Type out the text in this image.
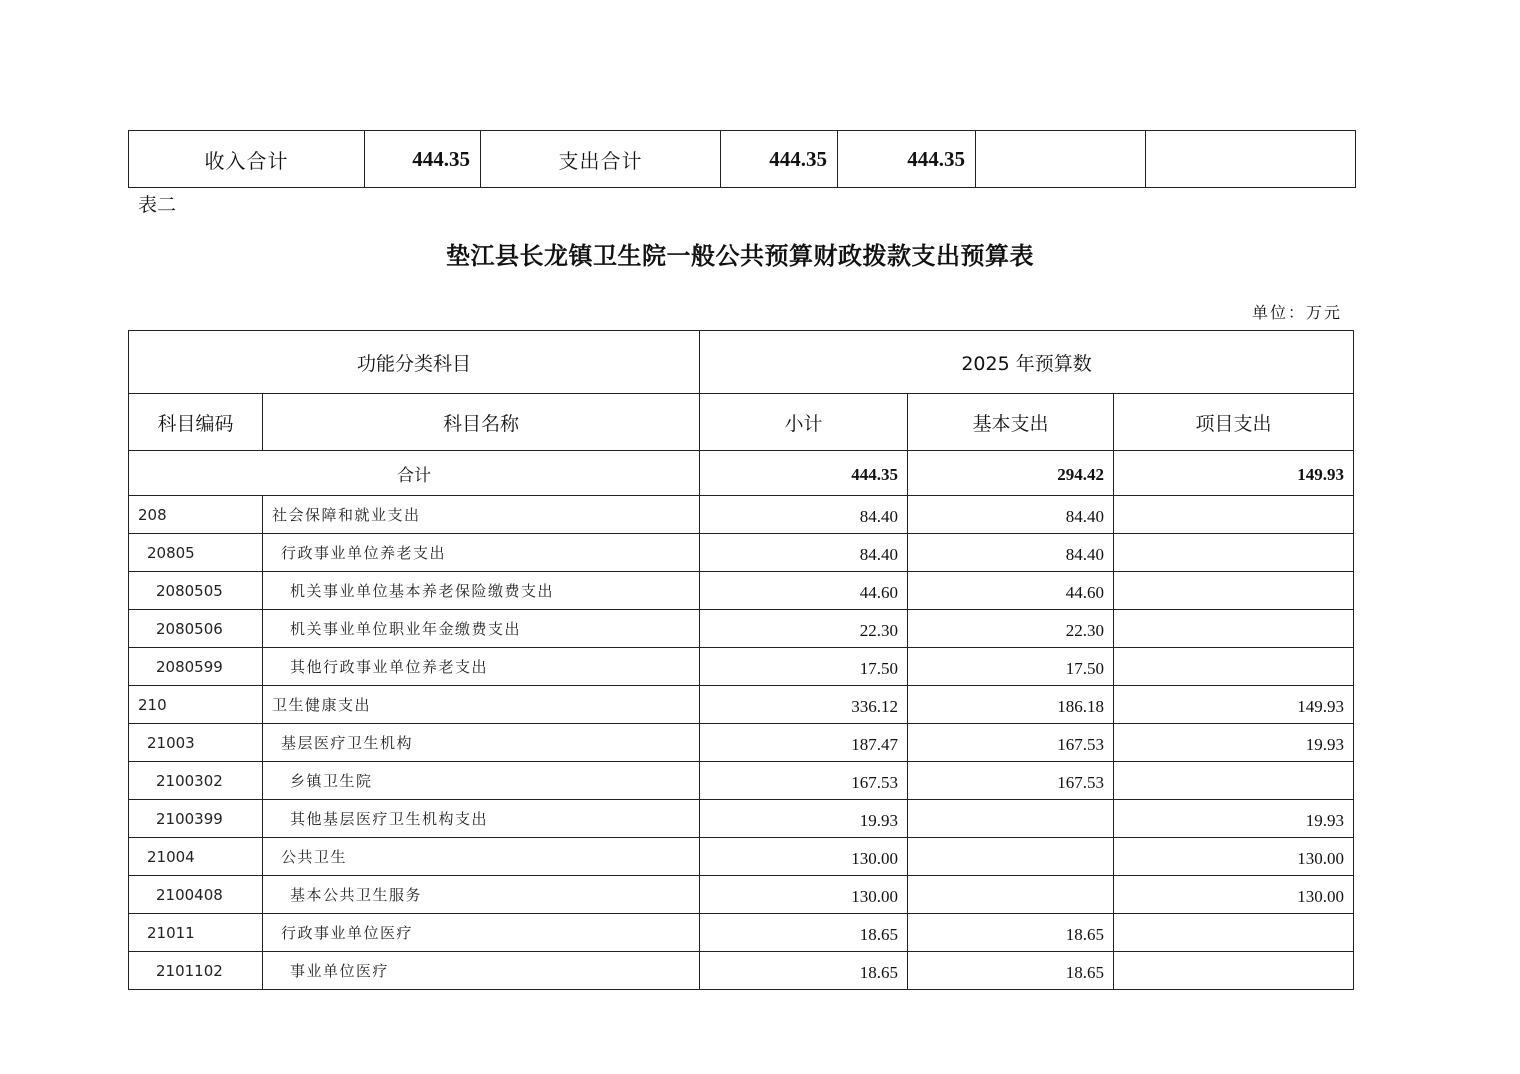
收入合计	444.35	支出合计	444.35	444.35		
表二
垫江县长龙镇卫生院一般公共预算财政拨款支出预算表
单位：万元
功能分类科目		2025 年预算数		
科目编码	科目名称	小计	基本支出	项目支出
合计		444.35	294.42	149.93
208	社会保障和就业支出	84.40	84.40	
20805	行政事业单位养老支出	84.40	84.40	
2080505	机关事业单位基本养老保险缴费支出	44.60	44.60	
2080506	机关事业单位职业年金缴费支出	22.30	22.30	
2080599	其他行政事业单位养老支出	17.50	17.50	
210	卫生健康支出	336.12	186.18	149.93
21003	基层医疗卫生机构	187.47	167.53	19.93
2100302	乡镇卫生院	167.53	167.53	
2100399	其他基层医疗卫生机构支出	19.93		19.93
21004	公共卫生	130.00		130.00
2100408	基本公共卫生服务	130.00		130.00
21011	行政事业单位医疗	18.65	18.65	
2101102	事业单位医疗	18.65	18.65	
